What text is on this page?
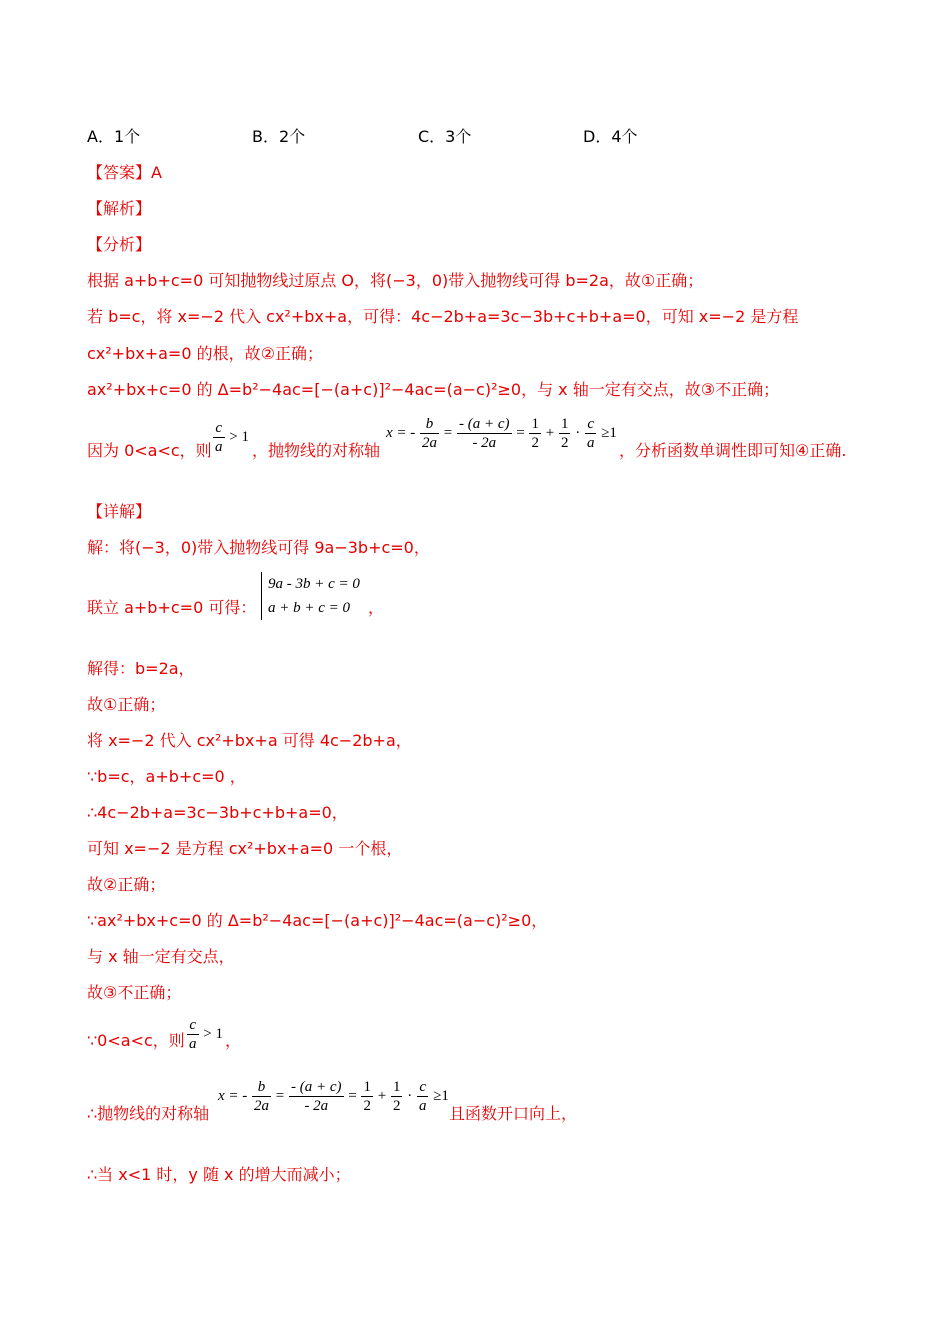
A．1个	B．2个	C．3个	D．4个
【答案】A
【解析】
【分析】
根据 a+b+c=0 可知抛物线过原点 O，将(−3，0)带入抛物线可得 b=2a，故①正确；
若 b=c，将 x=−2 代入 cx²+bx+a，可得：4c−2b+a=3c−3b+c+b+a=0，可知 x=−2 是方程
cx²+bx+a=0 的根，故②正确；
ax²+bx+c=0 的 Δ=b²−4ac=[−(a+c)]²−4ac=(a−c)²≥0，与 x 轴一定有交点，故③不正确；
因为 0<a<c，则 $\frac{c}{a} > 1$
，抛物线的对称轴
x = - $\frac{b}{2a} = \frac{- (a + c)}{- 2a} = \frac{1}{2} + \frac{1}{2} \cdot \frac{c}{a} \ge 1$
，分析函数单调性即可知④正确.
【详解】
解：将(−3，0)带入抛物线可得 9a−3b+c=0，
联立 a+b+c=0 可得：
9a - 3b + c = 0
a + b + c = 0	，
解得：b=2a，
故①正确；
将 x=−2 代入 cx²+bx+a 可得 4c−2b+a，
∵b=c，a+b+c=0 ，
∴4c−2b+a=3c−3b+c+b+a=0，
可知 x=−2 是方程 cx²+bx+a=0 一个根，
故②正确；
∵ax²+bx+c=0 的 Δ=b²−4ac=[−(a+c)]²−4ac=(a−c)²≥0，
与 x 轴一定有交点，
故③不正确；
∵0<a<c，则 $\frac{c}{a} > 1$ ，
∴抛物线的对称轴
x = - $\frac{b}{2a} = \frac{- (a + c)}{- 2a} = \frac{1}{2} + \frac{1}{2} \cdot \frac{c}{a} \ge 1$
且函数开口向上，
∴当 x<1 时，y 随 x 的增大而减小；
